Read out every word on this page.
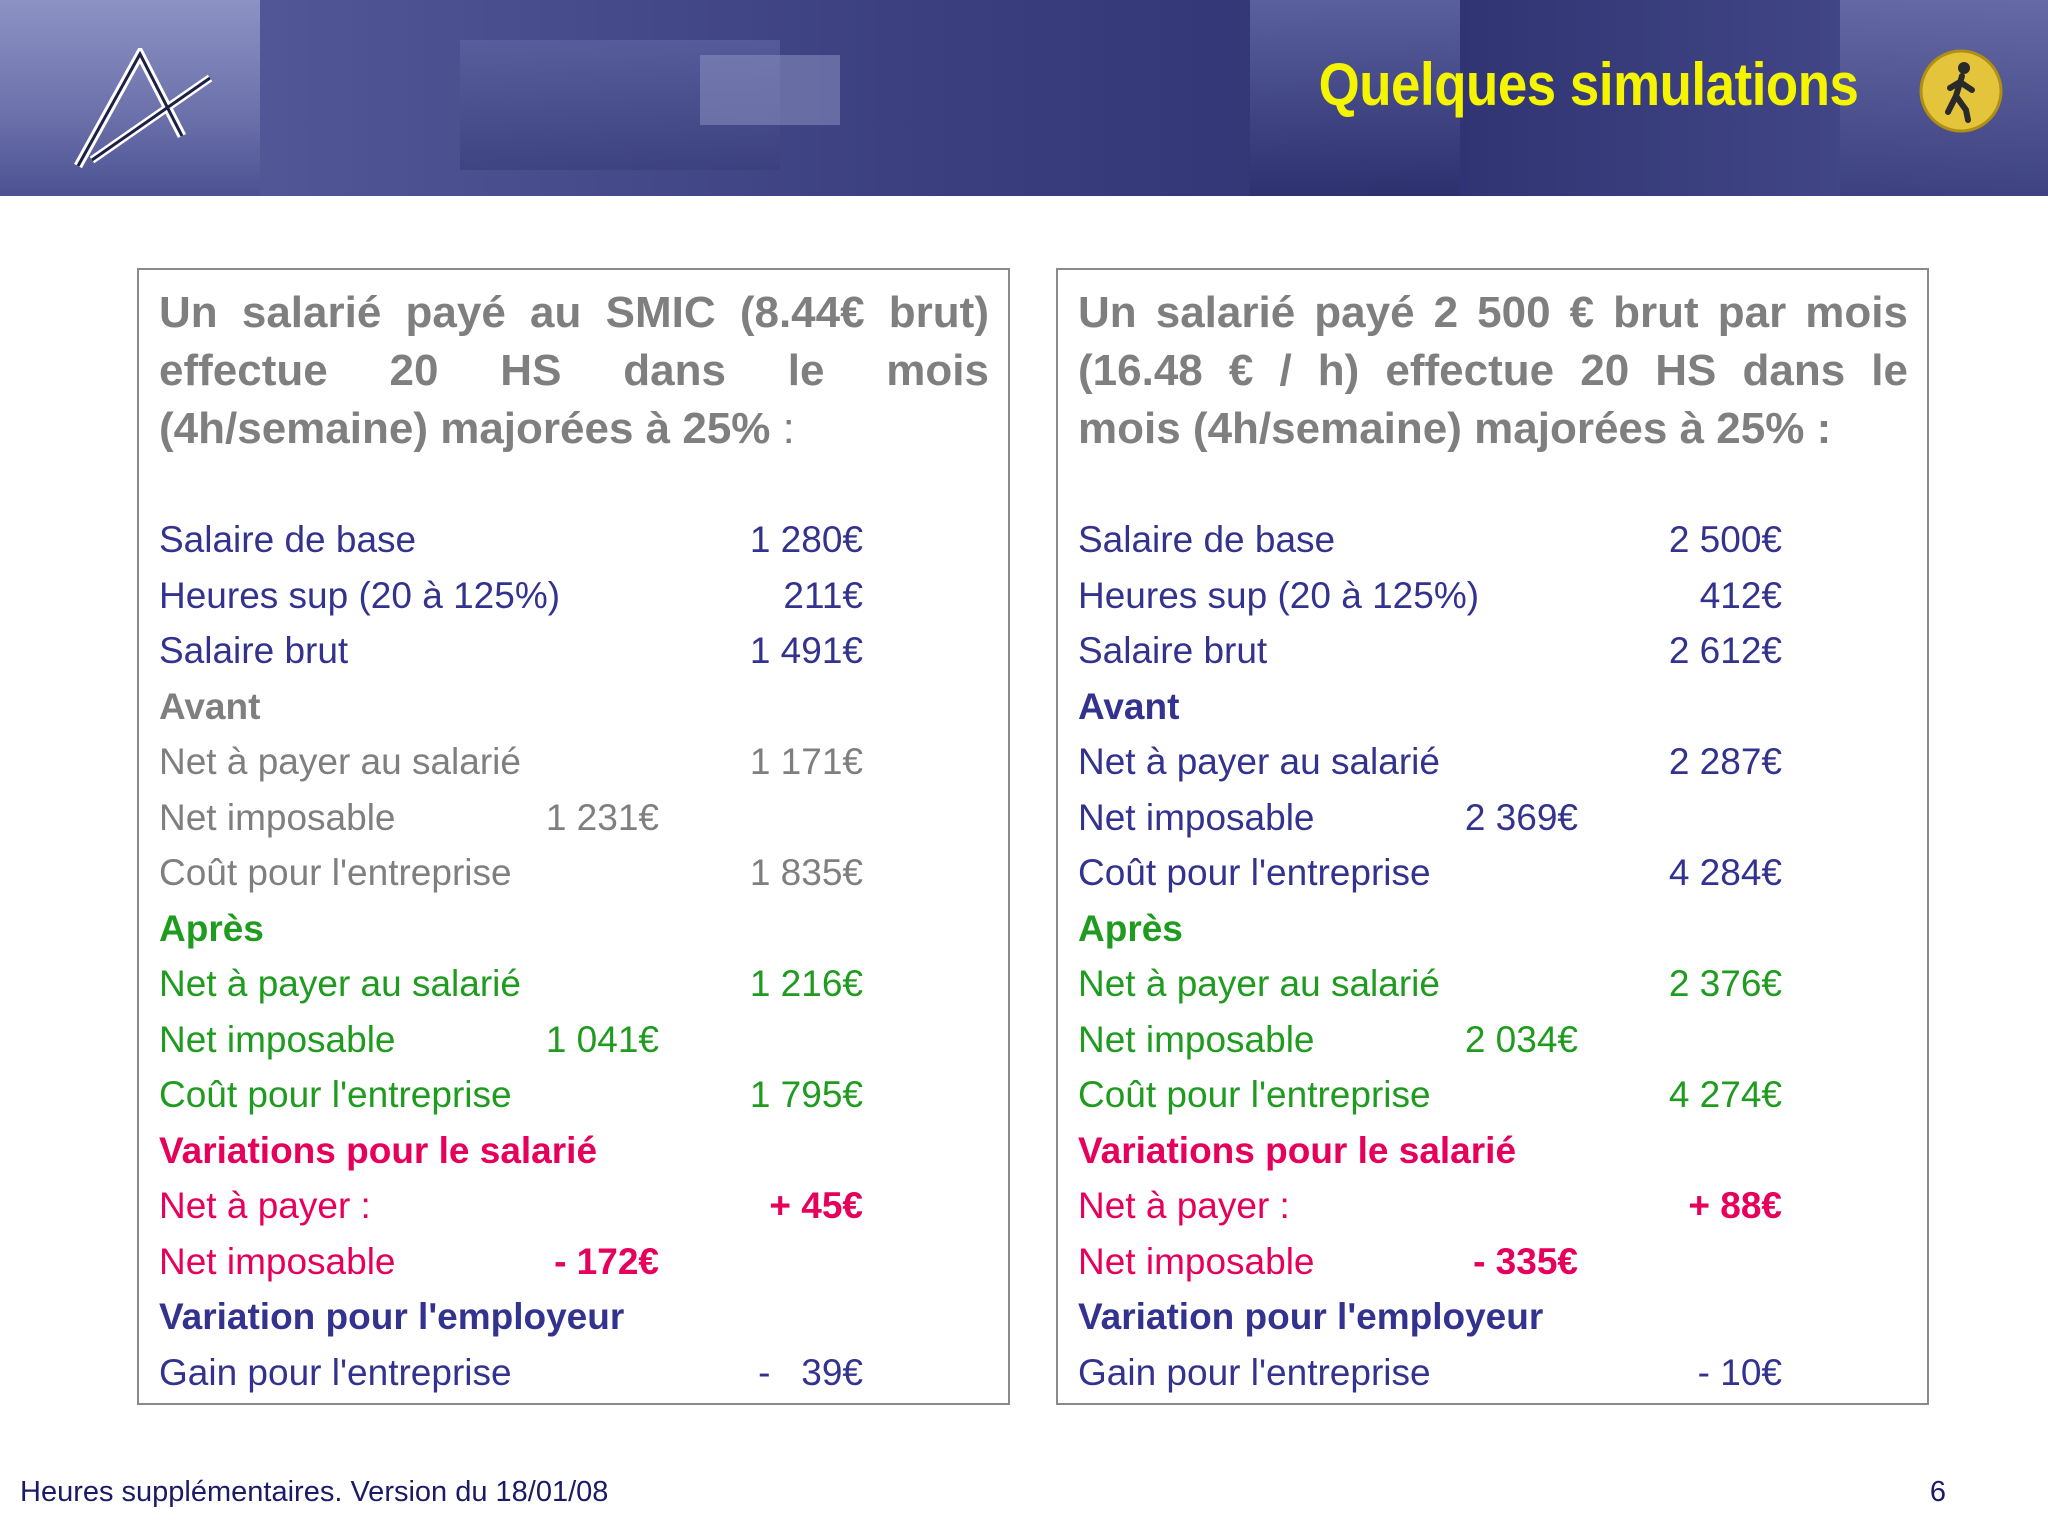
Quelques simulations
Un salarié payé au SMIC (8.44€ brut) effectue 20 HS dans le mois (4h/semaine) majorées à 25% :
Salaire de base	1 280€
Heures sup (20 à 125%)	211€
Salaire brut	1 491€
Avant
Net à payer au salarié	1 171€
Net imposable	1 231€
Coût pour l'entreprise	1 835€
Après
Net à payer au salarié	1 216€
Net imposable	1 041€
Coût pour l'entreprise	1 795€
Variations pour le salarié
Net à payer :	+ 45€
Net imposable	- 172€
Variation pour l'employeur
Gain pour l'entreprise	-   39€
Un salarié payé 2 500 € brut par mois (16.48 € / h) effectue 20 HS dans le mois (4h/semaine) majorées à 25% :
Salaire de base	2 500€
Heures sup (20 à 125%)	412€
Salaire brut	2 612€
Avant
Net à payer au salarié	2 287€
Net imposable	2 369€
Coût pour l'entreprise	4 284€
Après
Net à payer au salarié	2 376€
Net imposable	2 034€
Coût pour l'entreprise	4 274€
Variations pour le salarié
Net à payer :	+ 88€
Net imposable	- 335€
Variation pour l'employeur
Gain pour l'entreprise	- 10€
Heures supplémentaires. Version du 18/01/08	6
